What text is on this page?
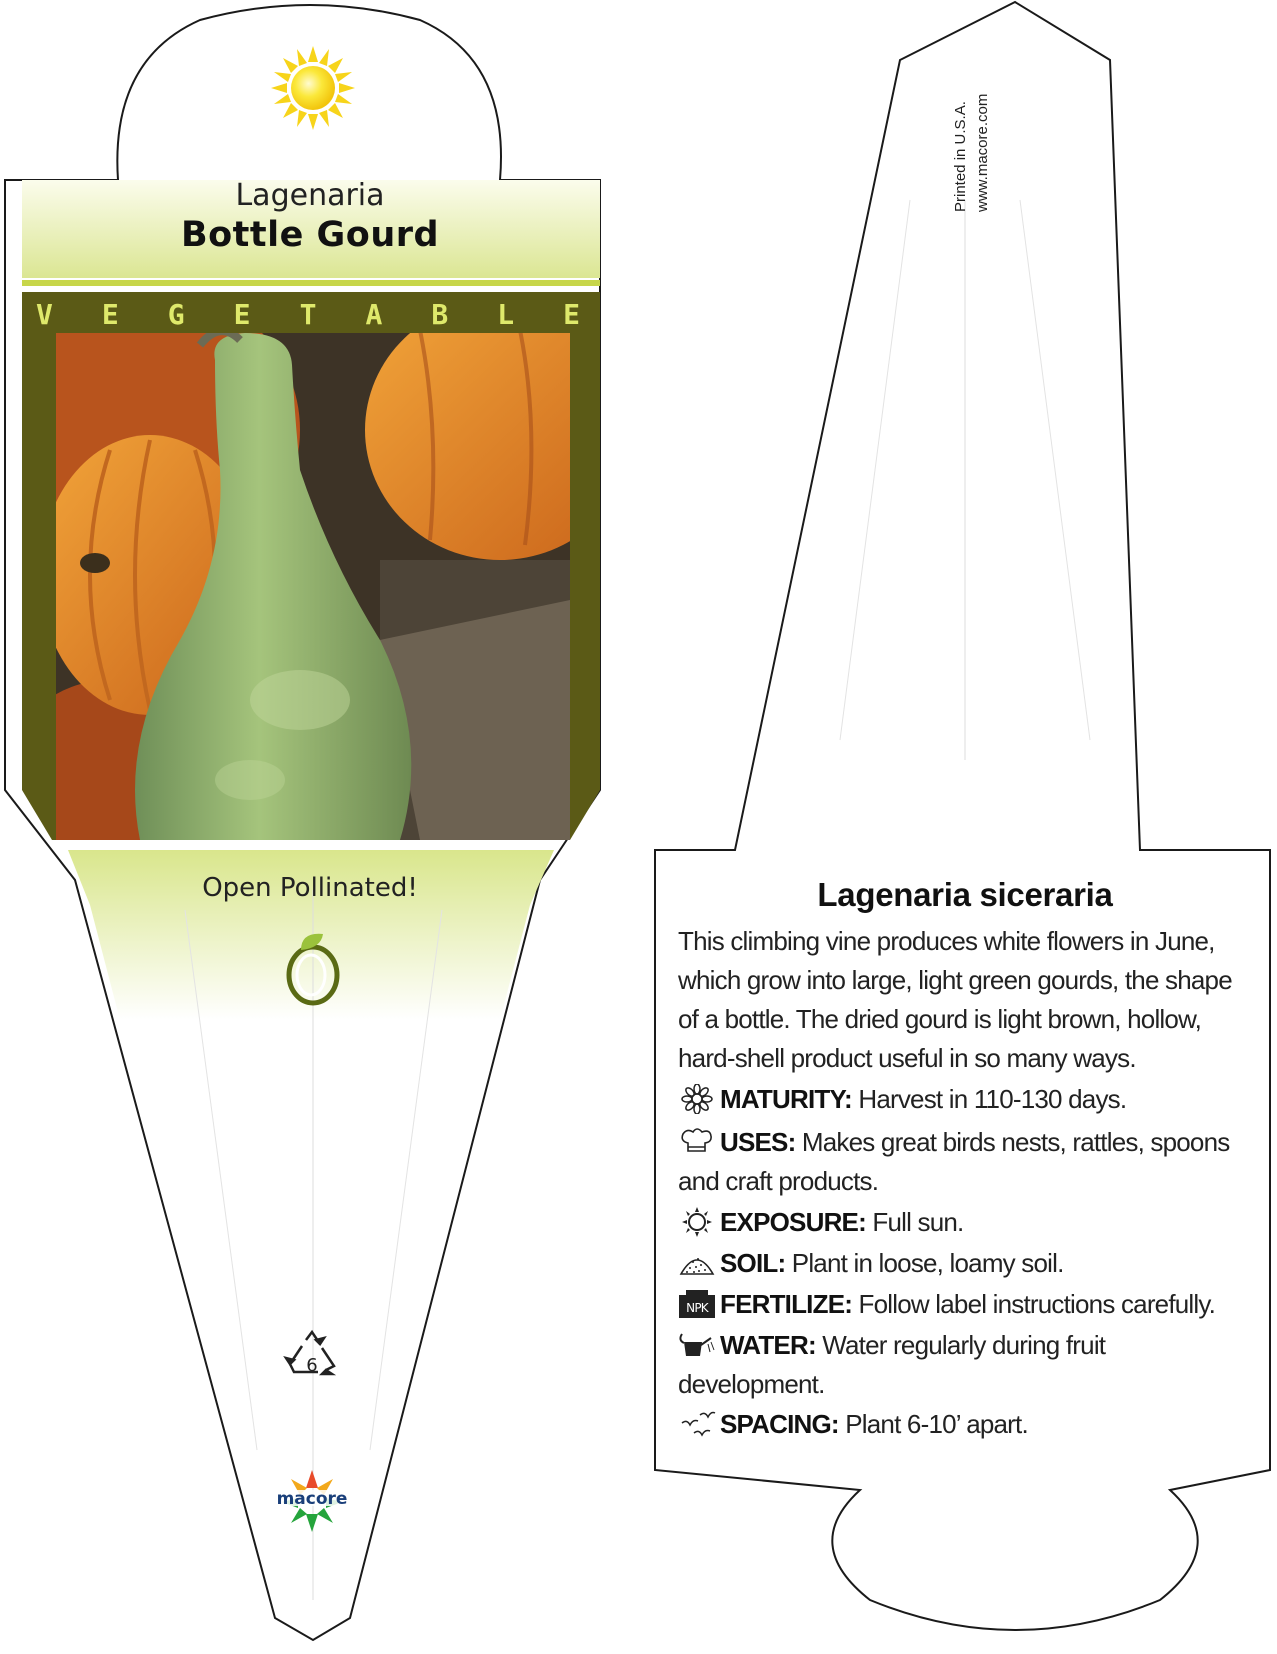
Lagenaria
Bottle Gourd
V E G E T A B L E
Open Pollinated!
6
macore
Printed in U.S.A. www.macore.com
Lagenaria siceraria
This climbing vine produces white flowers in June, which grow into large, light green gourds, the shape of a bottle. The dried gourd is light brown, hollow, hard-shell product useful in so many ways.
MATURITY: Harvest in 110-130 days.
USES: Makes great birds nests, rattles, spoons and craft products.
EXPOSURE: Full sun.
SOIL: Plant in loose, loamy soil.
NPK FERTILIZE: Follow label instructions carefully.
WATER: Water regularly during fruit development.
SPACING: Plant 6-10’ apart.
